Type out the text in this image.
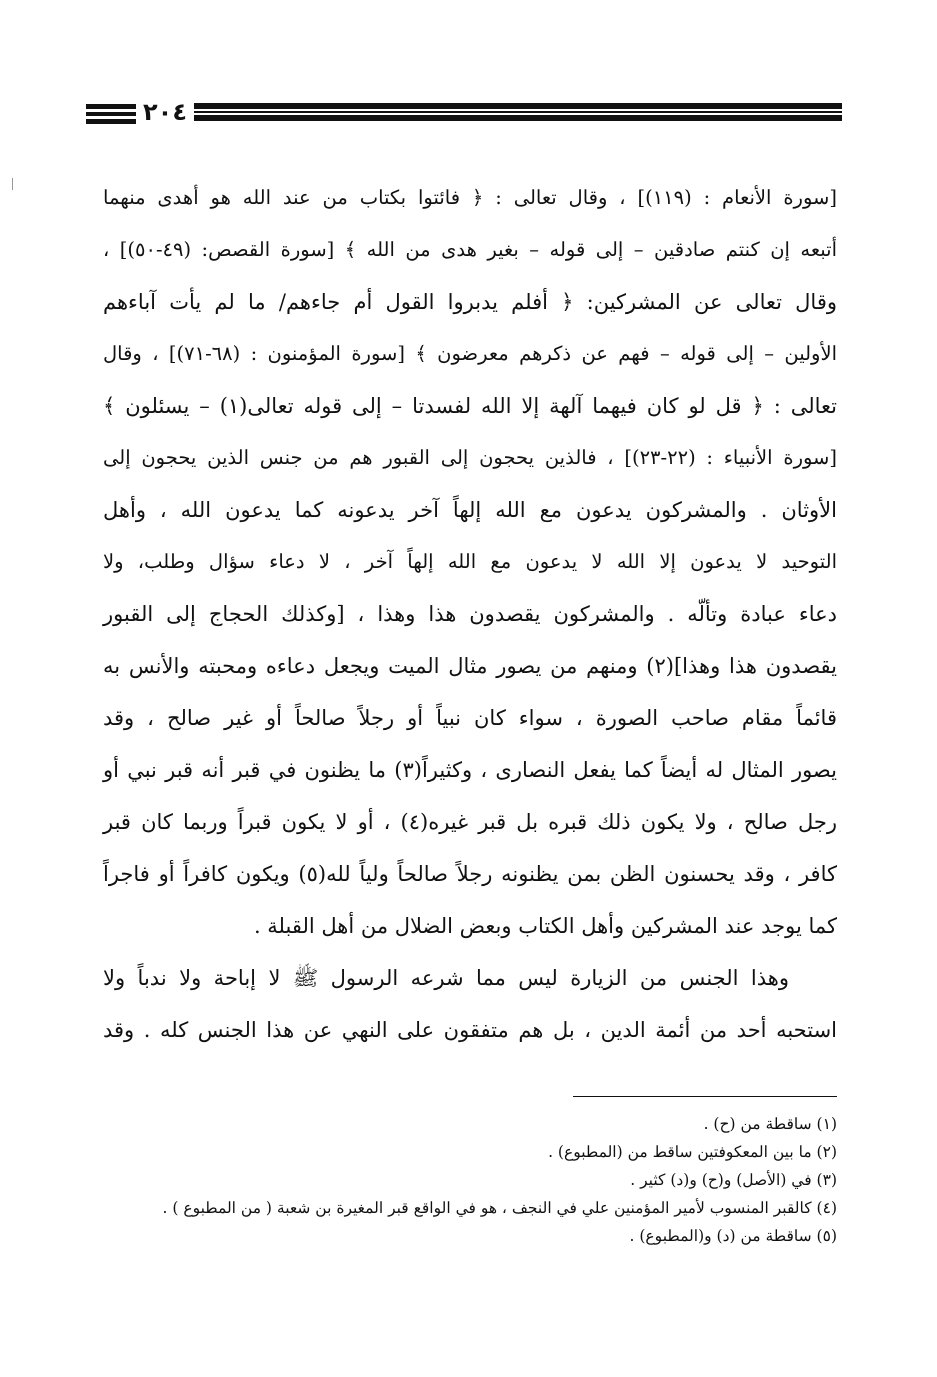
٢٠٤
[سورة الأنعام : (١١٩)] ، وقال تعالى : ﴿ فائتوا بكتاب من عند الله هو أهدى منهما
أتبعه إن كنتم صادقين – إلى قوله – بغير هدى من الله ﴾ [سورة القصص: (٤٩-٥٠)] ،
وقال تعالى عن المشركين: ﴿ أفلم يدبروا القول أم جاءهم/ ما لم يأت آباءهم
الأولين – إلى قوله – فهم عن ذكرهم معرضون ﴾ [سورة المؤمنون : (٦٨-٧١)] ، وقال
تعالى : ﴿ قل لو كان فيهما آلهة إلا الله لفسدتا – إلى قوله تعالى(١) – يسئلون ﴾
[سورة الأنبياء : (٢٢-٢٣)] ، فالذين يحجون إلى القبور هم من جنس الذين يحجون إلى
الأوثان . والمشركون يدعون مع الله إلهاً آخر يدعونه كما يدعون الله ، وأهل
التوحيد لا يدعون إلا الله لا يدعون مع الله إلهاً آخر ، لا دعاء سؤال وطلب، ولا
دعاء عبادة وتألّه . والمشركون يقصدون هذا وهذا ، [وكذلك الحجاج إلى القبور
يقصدون هذا وهذا](٢) ومنهم من يصور مثال الميت ويجعل دعاءه ومحبته والأنس به
قائماً مقام صاحب الصورة ، سواء كان نبياً أو رجلاً صالحاً أو غير صالح ، وقد
يصور المثال له أيضاً كما يفعل النصارى ، وكثيراً(٣) ما يظنون في قبر أنه قبر نبي أو
رجل صالح ، ولا يكون ذلك قبره بل قبر غيره(٤) ، أو لا يكون قبراً وربما كان قبر
كافر ، وقد يحسنون الظن بمن يظنونه رجلاً صالحاً ولياً لله(٥) ويكون كافراً أو فاجراً
كما يوجد عند المشركين وأهل الكتاب وبعض الضلال من أهل القبلة .
وهذا الجنس من الزيارة ليس مما شرعه الرسول ﷺ لا إباحة ولا ندباً ولا
استحبه أحد من أئمة الدين ، بل هم متفقون على النهي عن هذا الجنس كله . وقد
(١) ساقطة من (ح) .
(٢) ما بين المعكوفتين ساقط من (المطبوع) .
(٣) في (الأصل) و(ح) و(د) كثير .
(٤) كالقبر المنسوب لأمير المؤمنين علي في النجف ، هو في الواقع قبر المغيرة بن شعبة ( من المطبوع ) .
(٥) ساقطة من (د) و(المطبوع) .
